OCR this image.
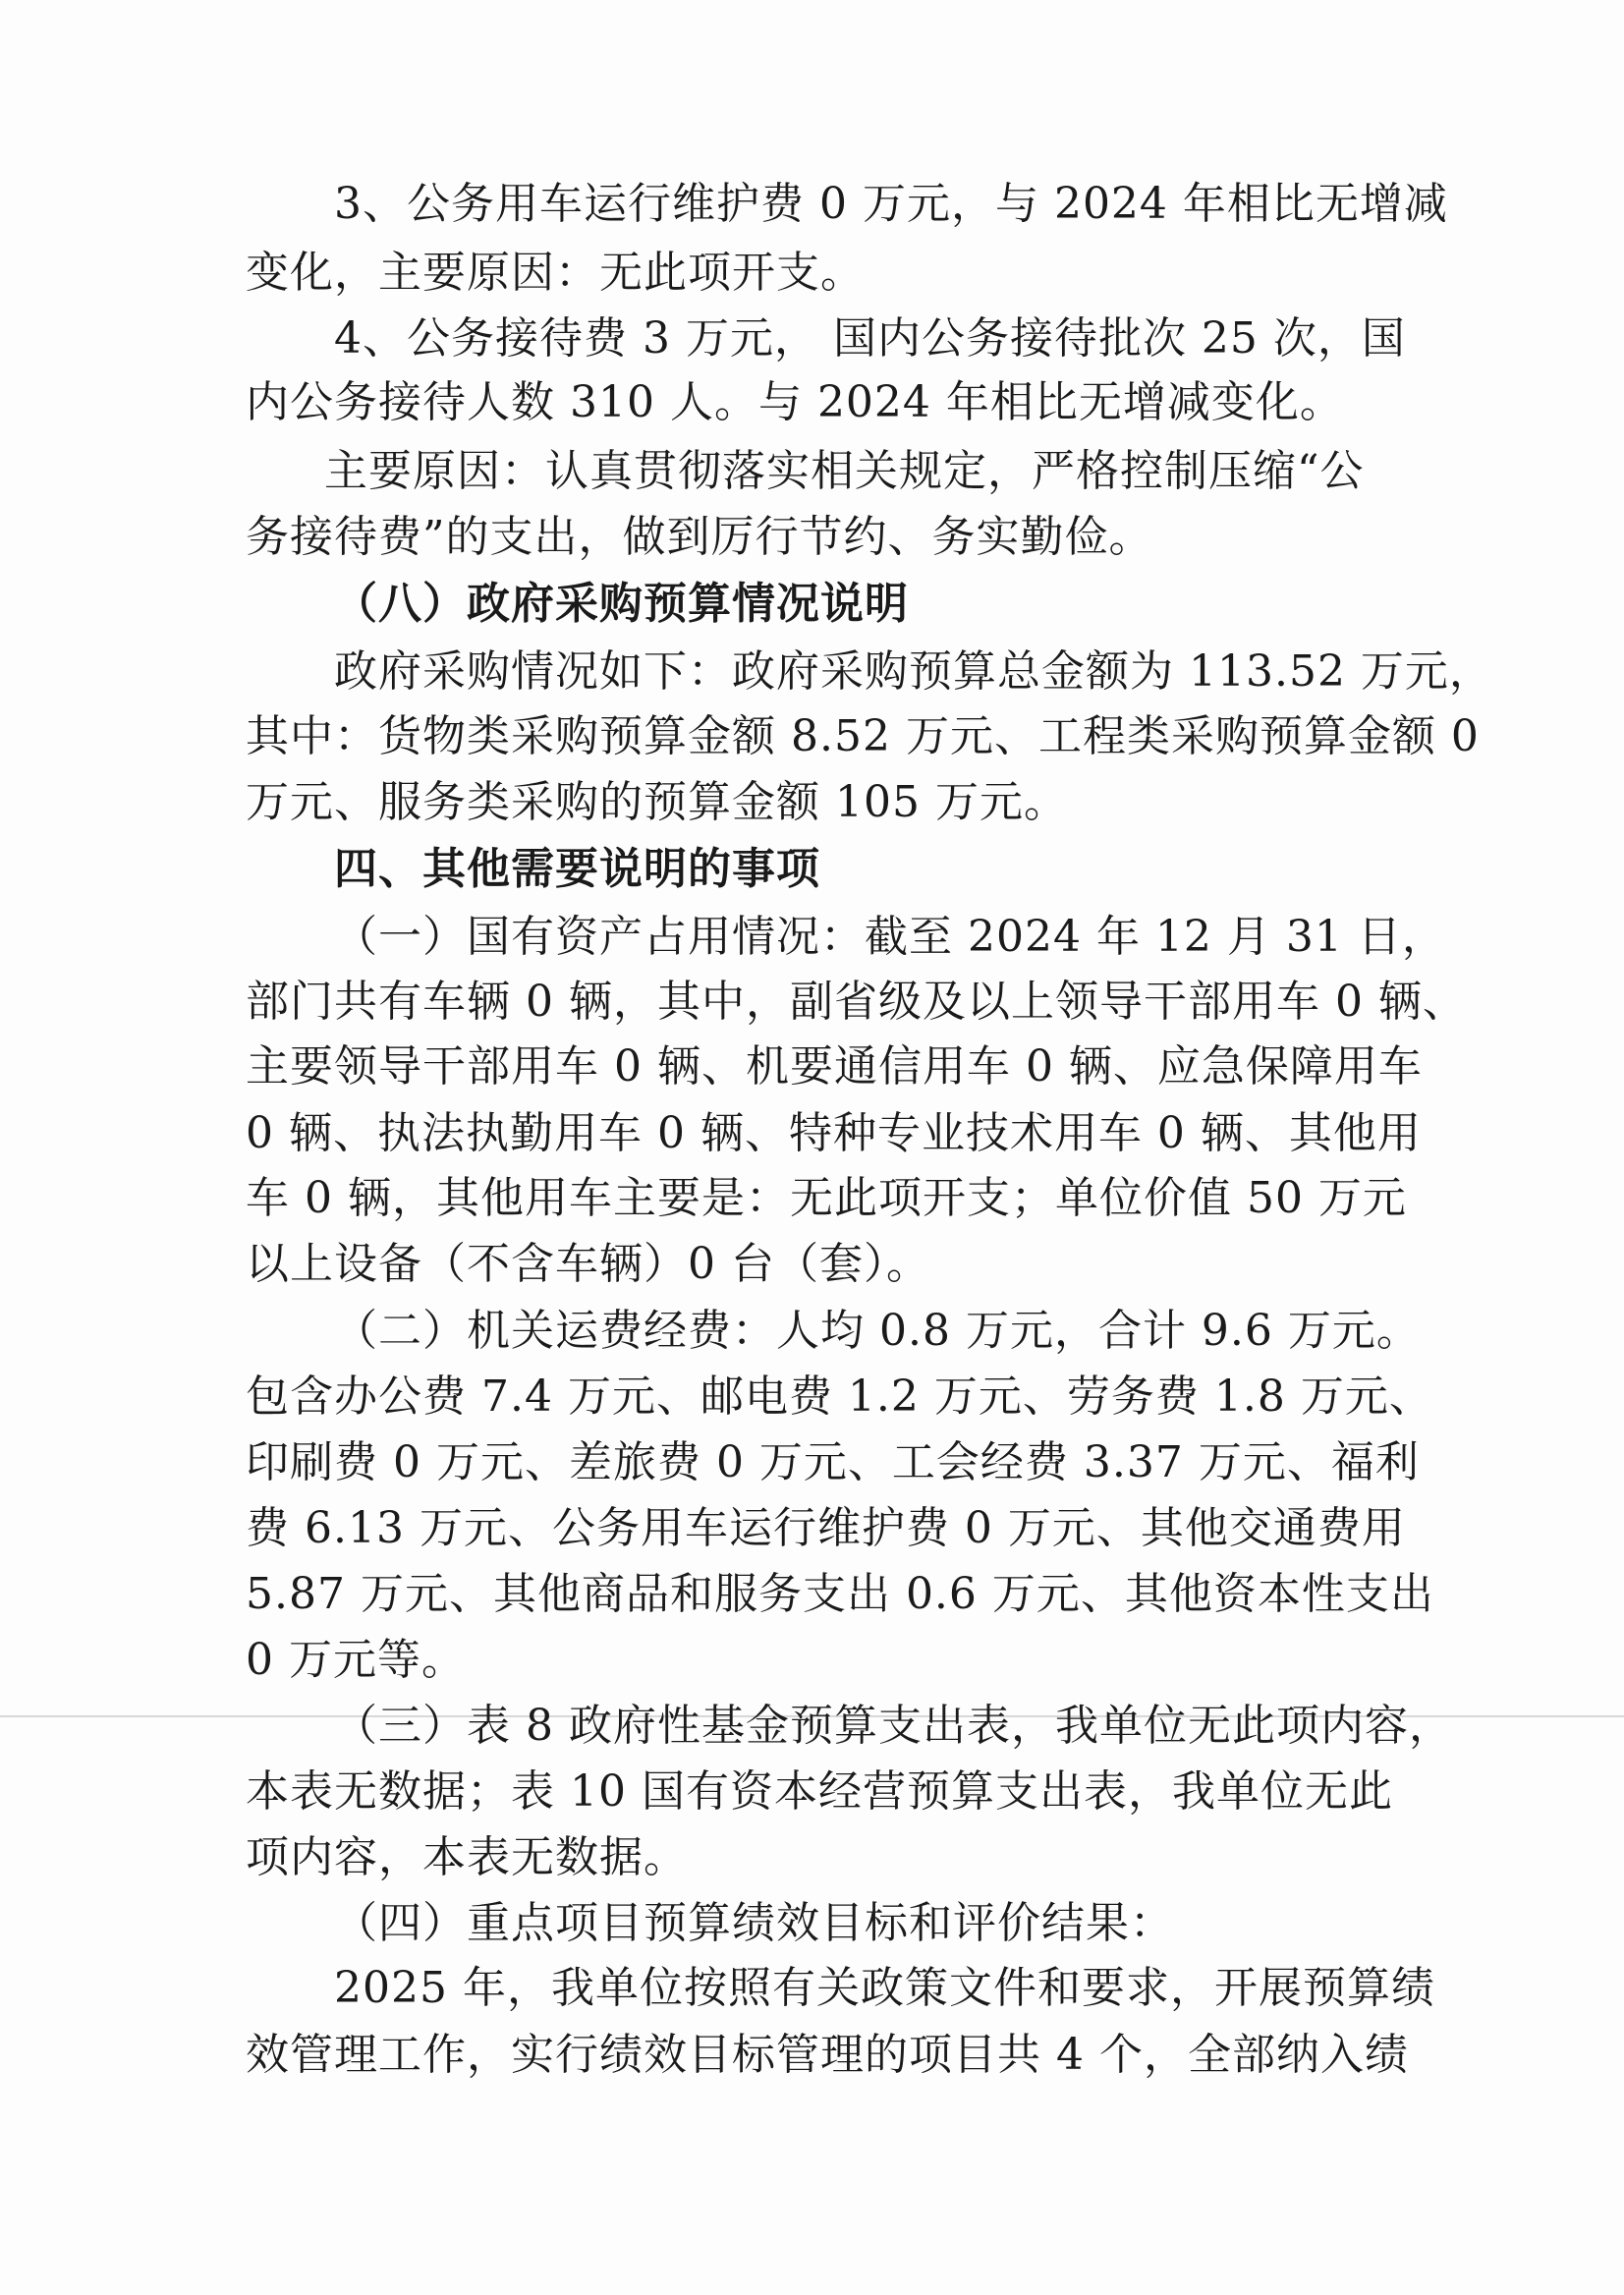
3、公务用车运行维护费 0 万元，与 2024 年相比无增减
变化，主要原因：无此项开支。
4、公务接待费 3 万元， 国内公务接待批次 25 次，国
内公务接待人数 310 人。与 2024 年相比无增减变化。
主要原因：认真贯彻落实相关规定，严格控制压缩“公
务接待费”的支出，做到厉行节约、务实勤俭。
（八）政府采购预算情况说明
政府采购情况如下：政府采购预算总金额为 113.52 万元，
其中：货物类采购预算金额 8.52 万元、工程类采购预算金额 0
万元、服务类采购的预算金额 105 万元。
四、其他需要说明的事项
（一）国有资产占用情况：截至 2024 年 12 月 31 日，
部门共有车辆 0 辆，其中，副省级及以上领导干部用车 0 辆、
主要领导干部用车 0 辆、机要通信用车 0 辆、应急保障用车
0 辆、执法执勤用车 0 辆、特种专业技术用车 0 辆、其他用
车 0 辆，其他用车主要是：无此项开支；单位价值 50 万元
以上设备（不含车辆）0 台（套）。
（二）机关运费经费：人均 0.8 万元，合计 9.6 万元。
包含办公费 7.4 万元、邮电费 1.2 万元、劳务费 1.8 万元、
印刷费 0 万元、差旅费 0 万元、工会经费 3.37 万元、福利
费 6.13 万元、公务用车运行维护费 0 万元、其他交通费用
5.87 万元、其他商品和服务支出 0.6 万元、其他资本性支出
0 万元等。
（三）表 8 政府性基金预算支出表，我单位无此项内容，
本表无数据；表 10 国有资本经营预算支出表，我单位无此
项内容，本表无数据。
（四）重点项目预算绩效目标和评价结果：
2025 年，我单位按照有关政策文件和要求，开展预算绩
效管理工作，实行绩效目标管理的项目共 4 个，全部纳入绩
